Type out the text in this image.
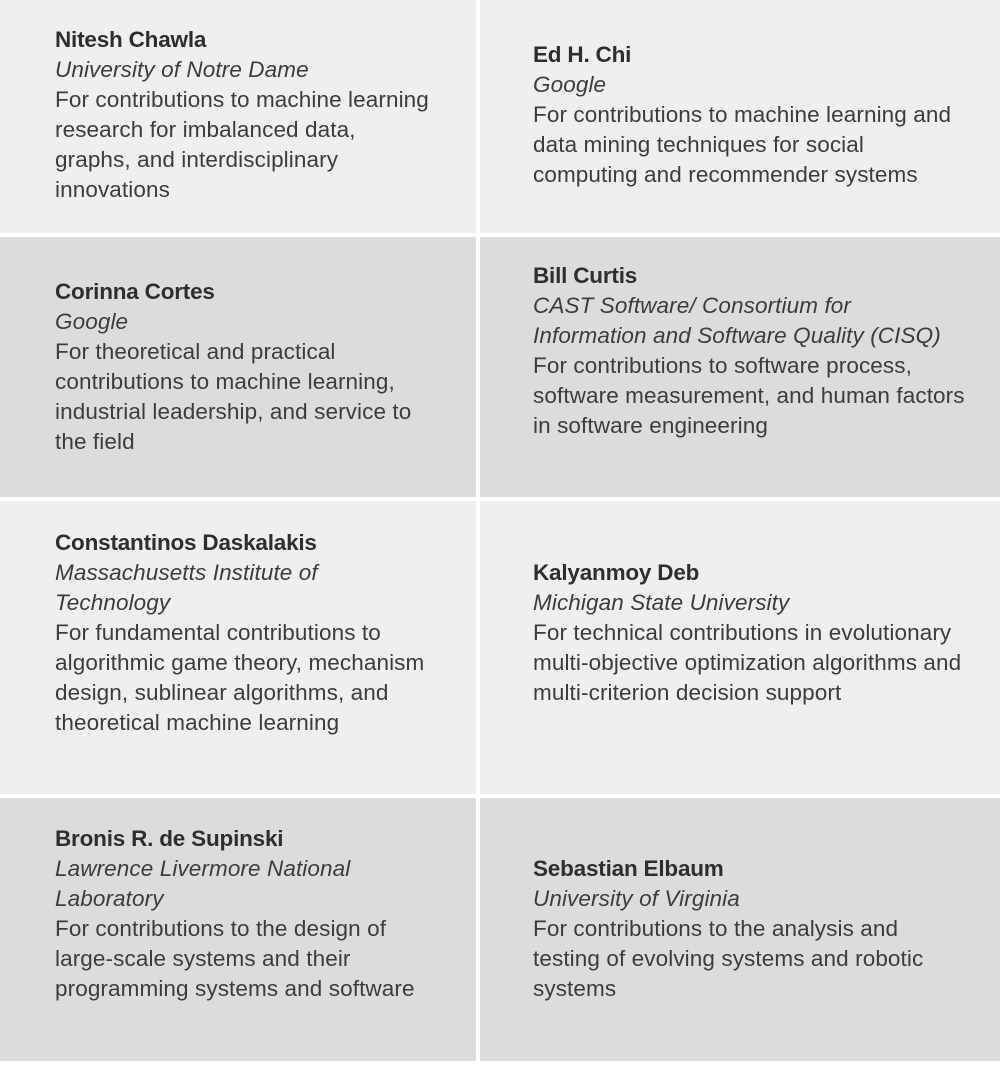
Nitesh Chawla
University of Notre Dame
For contributions to machine learning research for imbalanced data, graphs, and interdisciplinary innovations
Ed H. Chi
Google
For contributions to machine learning and data mining techniques for social computing and recommender systems
Corinna Cortes
Google
For theoretical and practical contributions to machine learning, industrial leadership, and service to the field
Bill Curtis
CAST Software/ Consortium for Information and Software Quality (CISQ)
For contributions to software process, software measurement, and human factors in software engineering
Constantinos Daskalakis
Massachusetts Institute of Technology
For fundamental contributions to algorithmic game theory, mechanism design, sublinear algorithms, and theoretical machine learning
Kalyanmoy Deb
Michigan State University
For technical contributions in evolutionary multi-objective optimization algorithms and multi-criterion decision support
Bronis R. de Supinski
Lawrence Livermore National Laboratory
For contributions to the design of large-scale systems and their programming systems and software
Sebastian Elbaum
University of Virginia
For contributions to the analysis and testing of evolving systems and robotic systems
